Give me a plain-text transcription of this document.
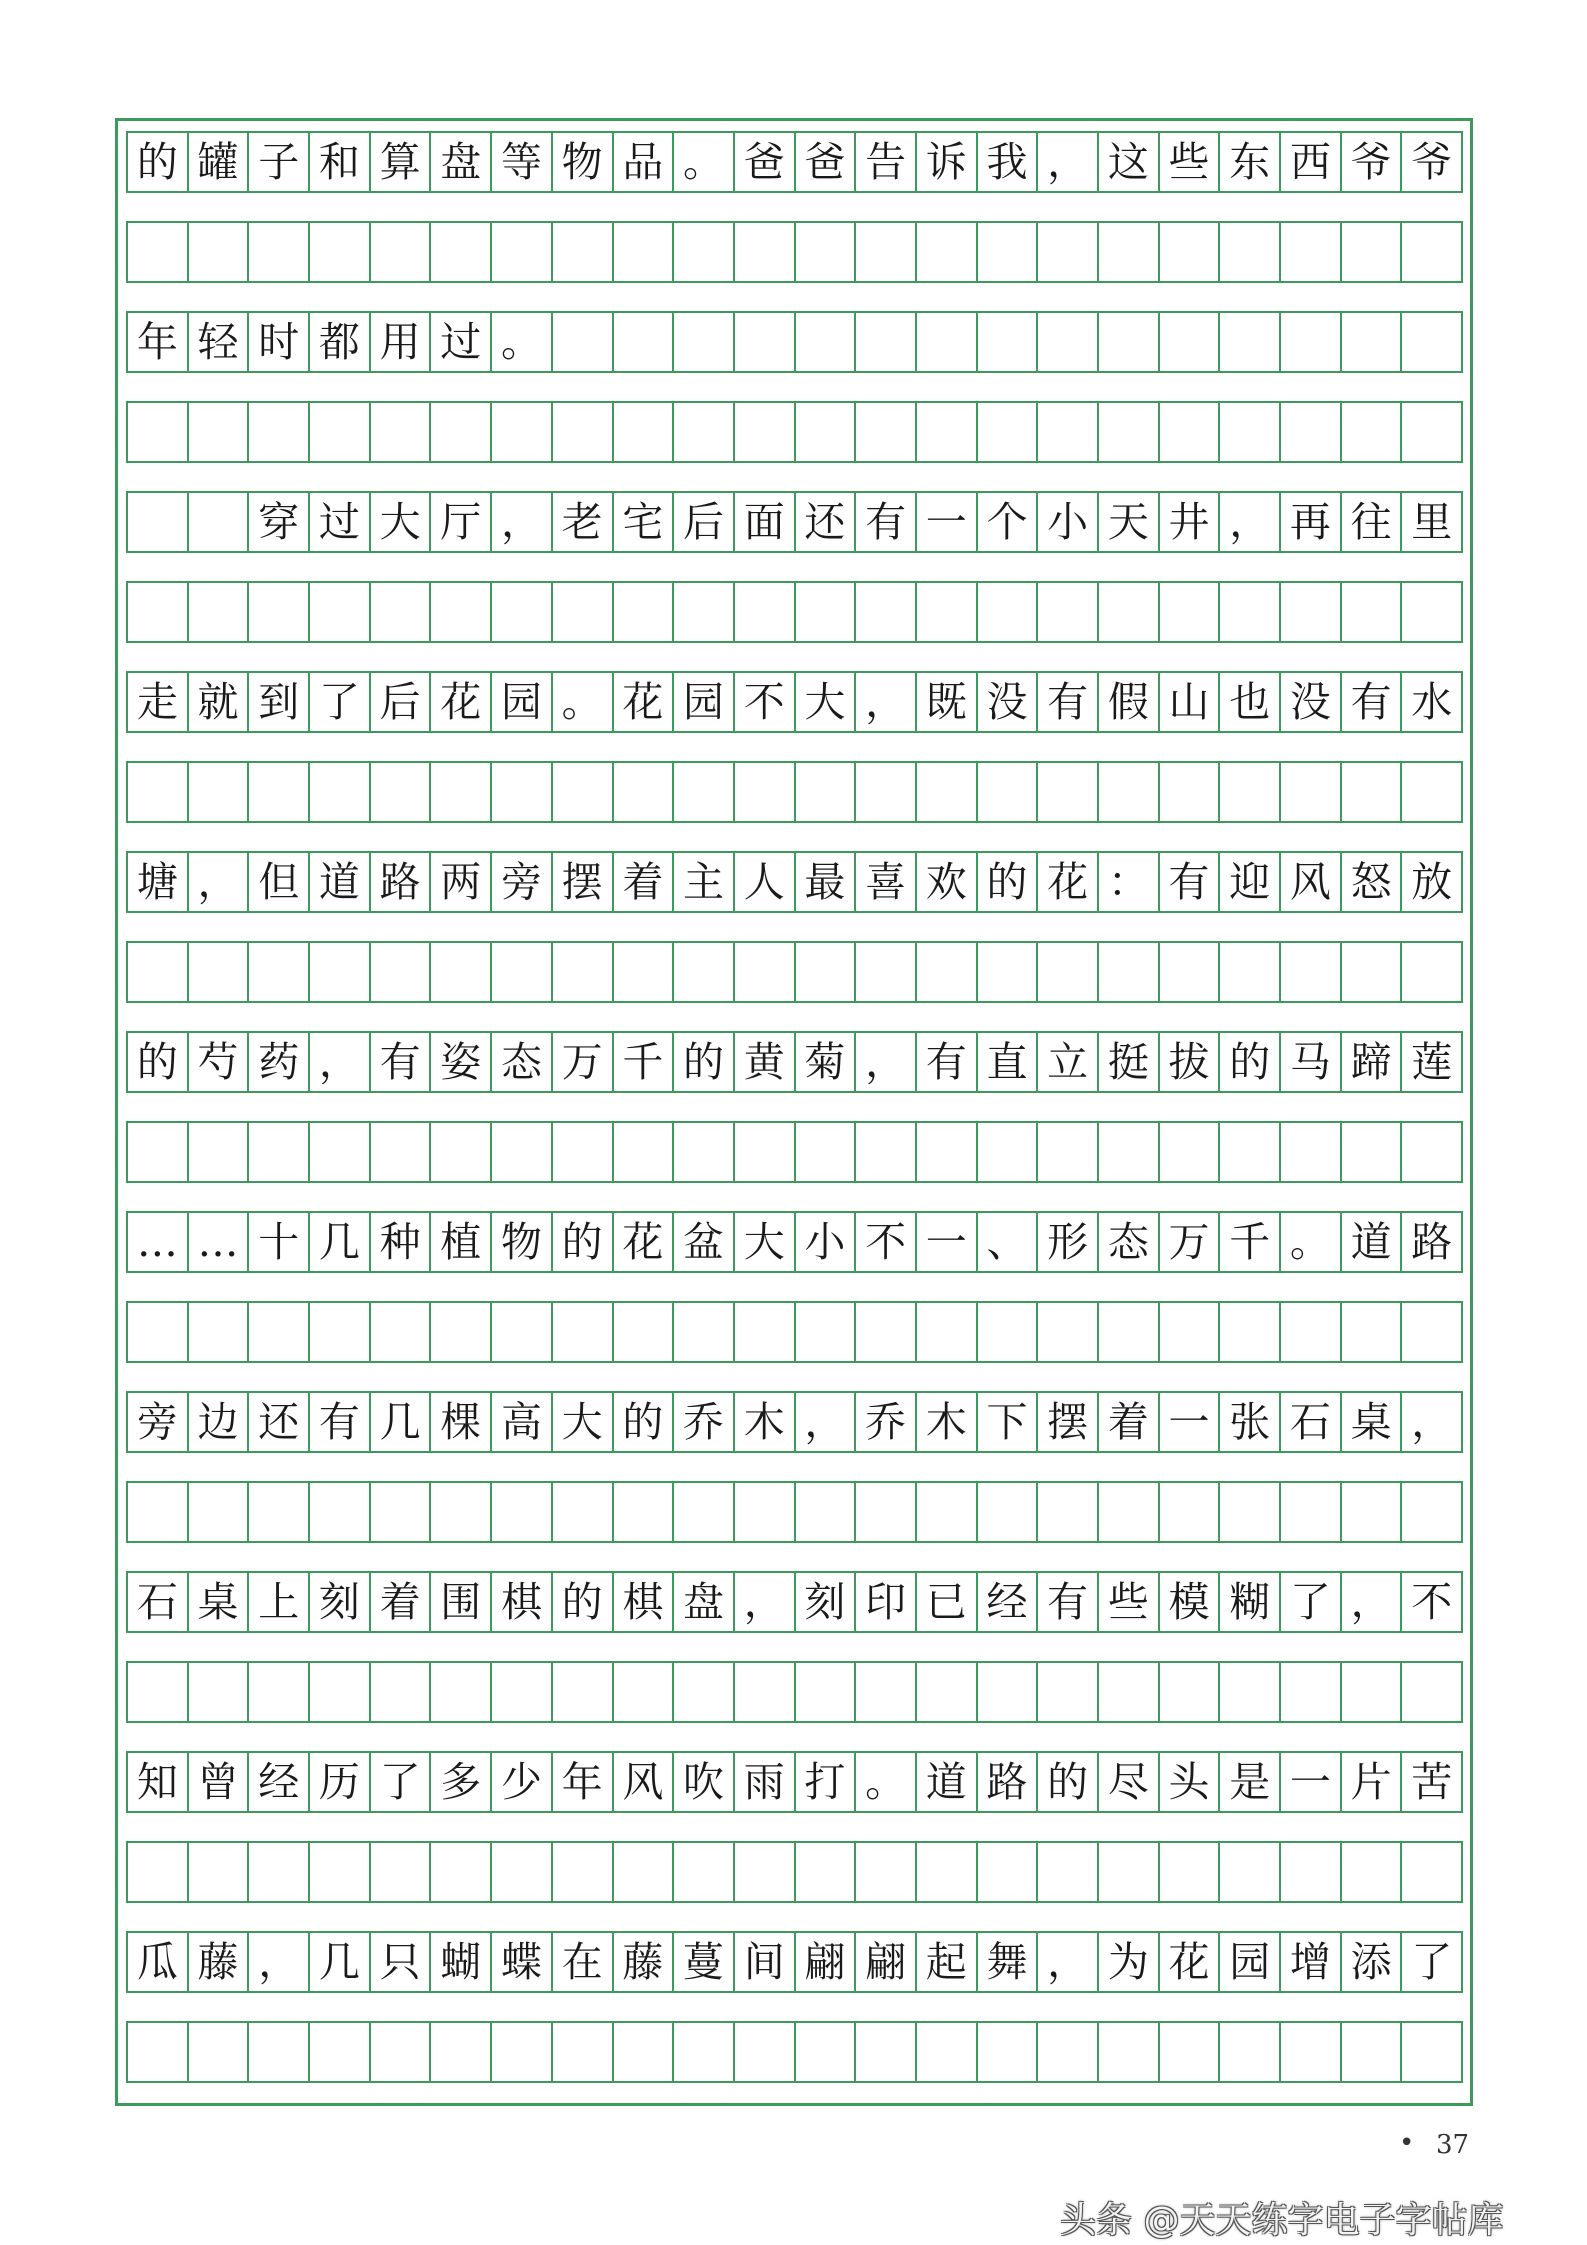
的 罐 子 和 算 盘 等 物 品 。 爸 爸 告 诉 我 ， 这 些 东 西 爷 爷
年 轻 时 都 用 过 。
穿 过 大 厅 ， 老 宅 后 面 还 有 一 个 小 天 井 ， 再 往 里
走 就 到 了 后 花 园 。 花 园 不 大 ， 既 没 有 假 山 也 没 有 水
塘 ， 但 道 路 两 旁 摆 着 主 人 最 喜 欢 的 花 ： 有 迎 风 怒 放
的 芍 药 ， 有 姿 态 万 千 的 黄 菊 ， 有 直 立 挺 拔 的 马 蹄 莲
… … 十 几 种 植 物 的 花 盆 大 小 不 一 、 形 态 万 千 。 道 路
旁 边 还 有 几 棵 高 大 的 乔 木 ， 乔 木 下 摆 着 一 张 石 桌 ，
石 桌 上 刻 着 围 棋 的 棋 盘 ， 刻 印 已 经 有 些 模 糊 了 ， 不
知 曾 经 历 了 多 少 年 风 吹 雨 打 。 道 路 的 尽 头 是 一 片 苦
瓜 藤 ， 几 只 蝴 蝶 在 藤 蔓 间 翩 翩 起 舞 ， 为 花 园 增 添 了
• 37
头条 @天天练字电子字帖库
